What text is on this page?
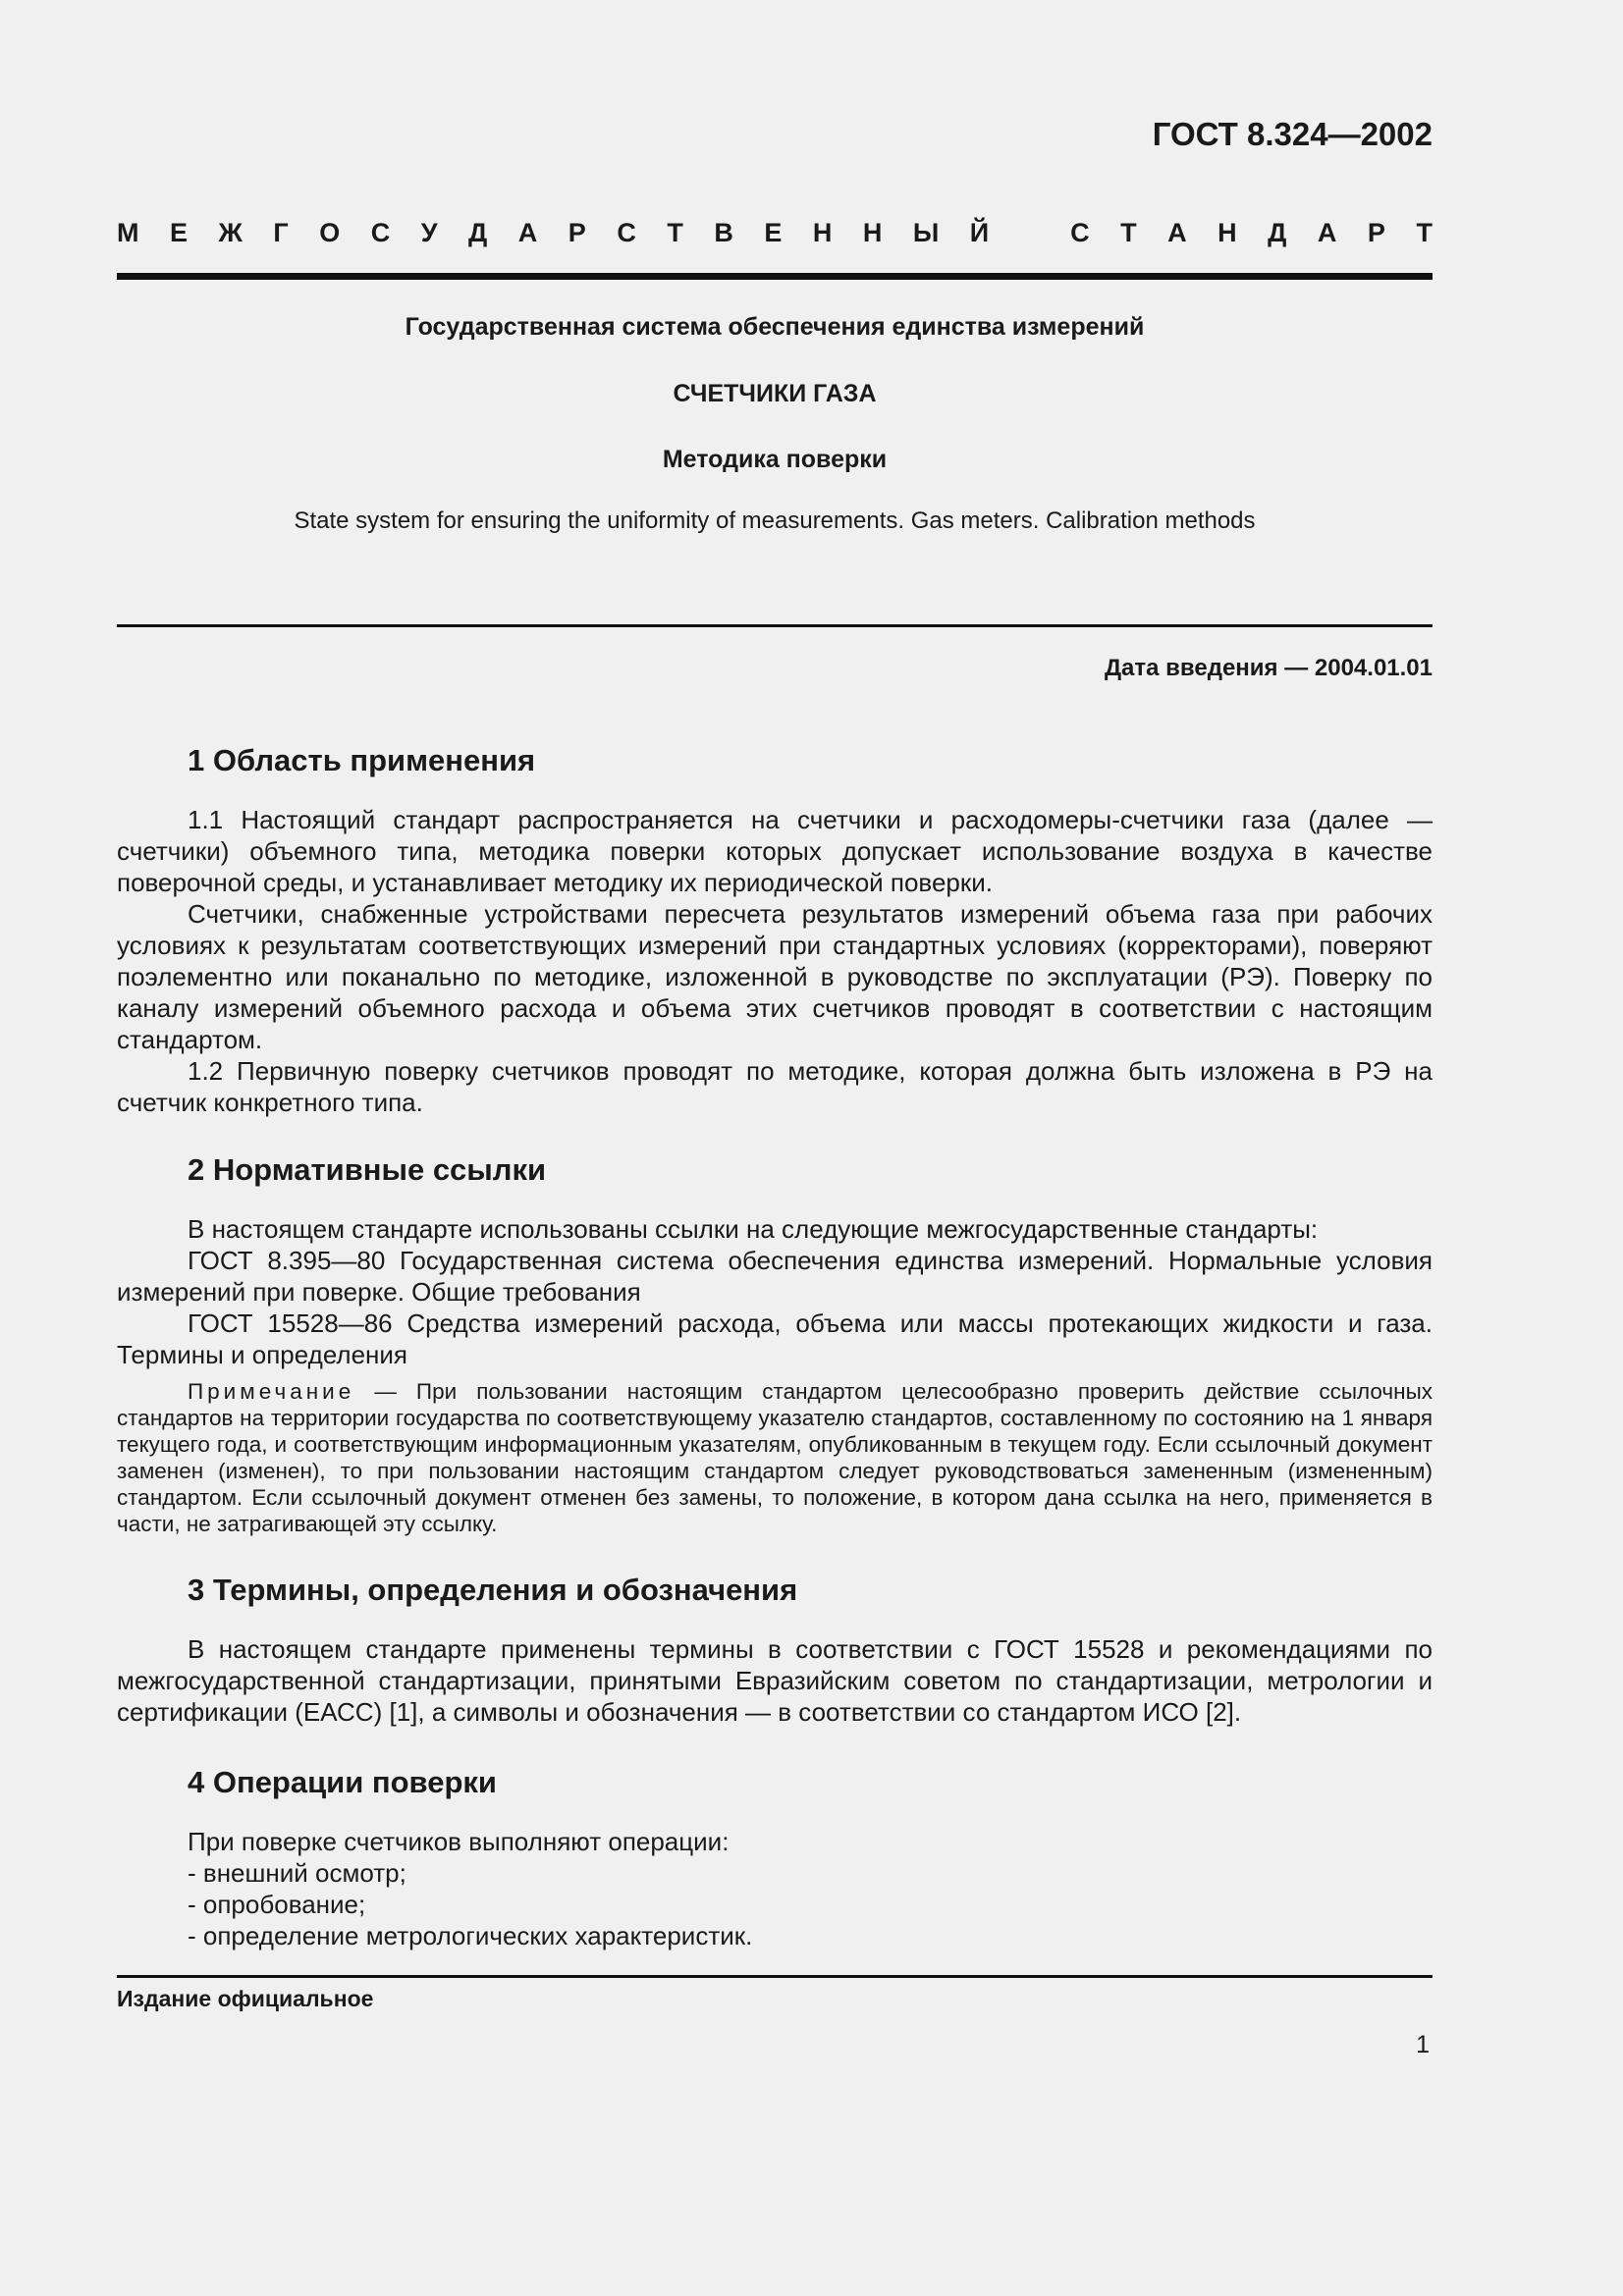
ГОСТ 8.324—2002
М Е Ж Г О С У Д А Р С Т В Е Н Н Ы Й	С Т А Н Д А Р Т
Государственная система обеспечения единства измерений
СЧЕТЧИКИ ГАЗА
Методика поверки
State system for ensuring the uniformity of measurements. Gas meters. Calibration methods
Дата введения — 2004.01.01
1 Область применения

1.1 Настоящий стандарт распространяется на счетчики и расходомеры-счетчики газа (далее — счетчики) объемного типа, методика поверки которых допускает использование воздуха в качестве поверочной среды, и устанавливает методику их периодической поверки.

Счетчики, снабженные устройствами пересчета результатов измерений объема газа при рабочих условиях к результатам соответствующих измерений при стандартных условиях (корректорами), поверяют поэлементно или поканально по методике, изложенной в руководстве по эксплуатации (РЭ). Поверку по каналу измерений объемного расхода и объема этих счетчиков проводят в соответствии с настоящим стандартом.

1.2 Первичную поверку счетчиков проводят по методике, которая должна быть изложена в РЭ на счетчик конкретного типа.

2 Нормативные ссылки

В настоящем стандарте использованы ссылки на следующие межгосударственные стандарты:

ГОСТ 8.395—80 Государственная система обеспечения единства измерений. Нормальные условия измерений при поверке. Общие требования

ГОСТ 15528—86 Средства измерений расхода, объема или массы протекающих жидкости и газа. Термины и определения

Примечание — При пользовании настоящим стандартом целесообразно проверить действие ссылочных стандартов на территории государства по соответствующему указателю стандартов, составленному по состоянию на 1 января текущего года, и соответствующим информационным указателям, опубликованным в текущем году. Если ссылочный документ заменен (изменен), то при пользовании настоящим стандартом следует руководствоваться замененным (измененным) стандартом. Если ссылочный документ отменен без замены, то положение, в котором дана ссылка на него, применяется в части, не затрагивающей эту ссылку.

3 Термины, определения и обозначения

В настоящем стандарте применены термины в соответствии с ГОСТ 15528 и рекомендациями по межгосударственной стандартизации, принятыми Евразийским советом по стандартизации, метрологии и сертификации (ЕАСС) [1], а символы и обозначения — в соответствии со стандартом ИСО [2].

4 Операции поверки

При поверке счетчиков выполняют операции:

- внешний осмотр;
- опробование;
- определение метрологических характеристик.
Издание официальное
1
